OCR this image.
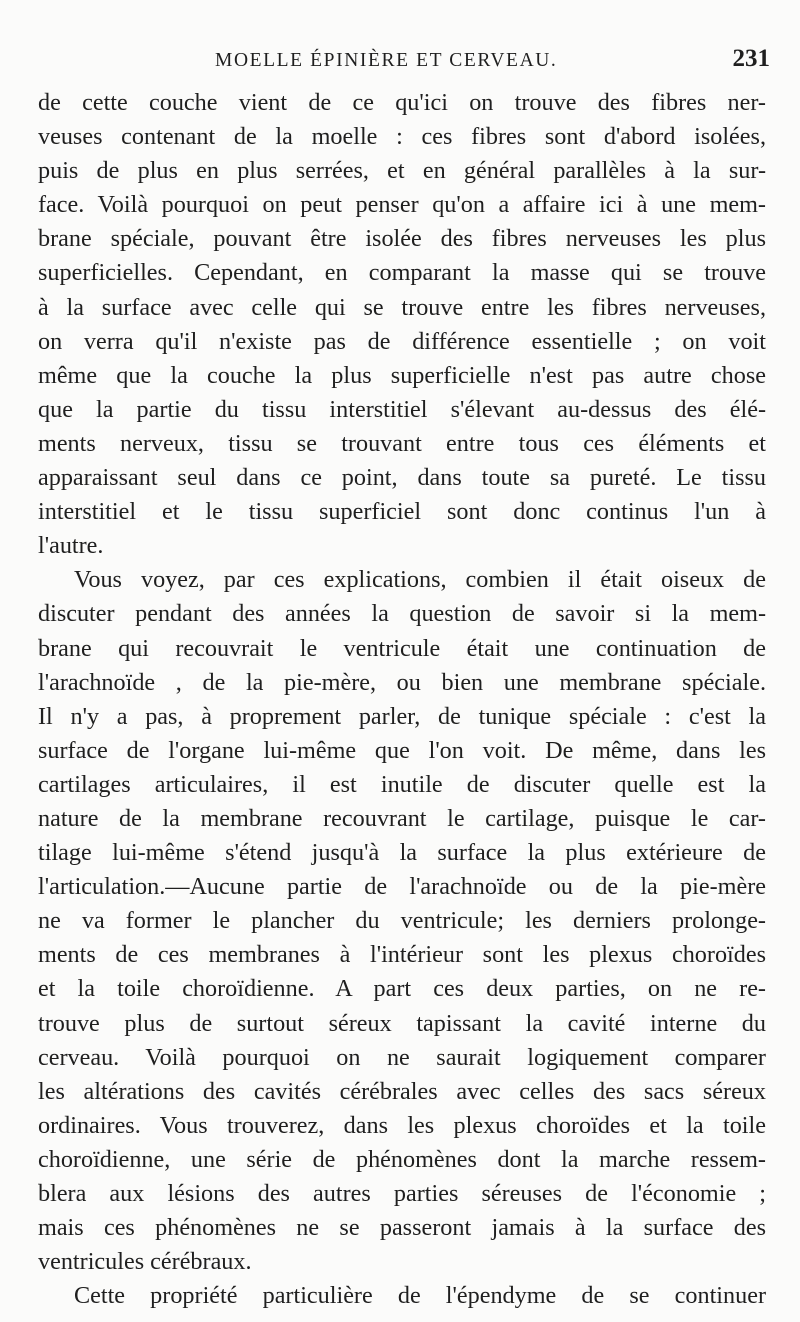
MOELLE ÉPINIÈRE ET CERVEAU.	231
de cette couche vient de ce qu'ici on trouve des fibres ner-
veuses contenant de la moelle : ces fibres sont d'abord isolées,
puis de plus en plus serrées, et en général parallèles à la sur-
face. Voilà pourquoi on peut penser qu'on a affaire ici à une mem-
brane spéciale, pouvant être isolée des fibres nerveuses les plus
superficielles. Cependant, en comparant la masse qui se trouve
à la surface avec celle qui se trouve entre les fibres nerveuses,
on verra qu'il n'existe pas de différence essentielle ; on voit
même que la couche la plus superficielle n'est pas autre chose
que la partie du tissu interstitiel s'élevant au-dessus des élé-
ments nerveux, tissu se trouvant entre tous ces éléments et
apparaissant seul dans ce point, dans toute sa pureté. Le tissu
interstitiel et le tissu superficiel sont donc continus l'un à
l'autre.
Vous voyez, par ces explications, combien il était oiseux de
discuter pendant des années la question de savoir si la mem-
brane qui recouvrait le ventricule était une continuation de
l'arachnoïde , de la pie-mère, ou bien une membrane spéciale.
Il n'y a pas, à proprement parler, de tunique spéciale : c'est la
surface de l'organe lui-même que l'on voit. De même, dans les
cartilages articulaires, il est inutile de discuter quelle est la
nature de la membrane recouvrant le cartilage, puisque le car-
tilage lui-même s'étend jusqu'à la surface la plus extérieure de
l'articulation.—Aucune partie de l'arachnoïde ou de la pie-mère
ne va former le plancher du ventricule; les derniers prolonge-
ments de ces membranes à l'intérieur sont les plexus choroïdes
et la toile choroïdienne. A part ces deux parties, on ne re-
trouve plus de surtout séreux tapissant la cavité interne du
cerveau. Voilà pourquoi on ne saurait logiquement comparer
les altérations des cavités cérébrales avec celles des sacs séreux
ordinaires. Vous trouverez, dans les plexus choroïdes et la toile
choroïdienne, une série de phénomènes dont la marche ressem-
blera aux lésions des autres parties séreuses de l'économie ;
mais ces phénomènes ne se passeront jamais à la surface des
ventricules cérébraux.
Cette propriété particulière de l'épendyme de se continuer
